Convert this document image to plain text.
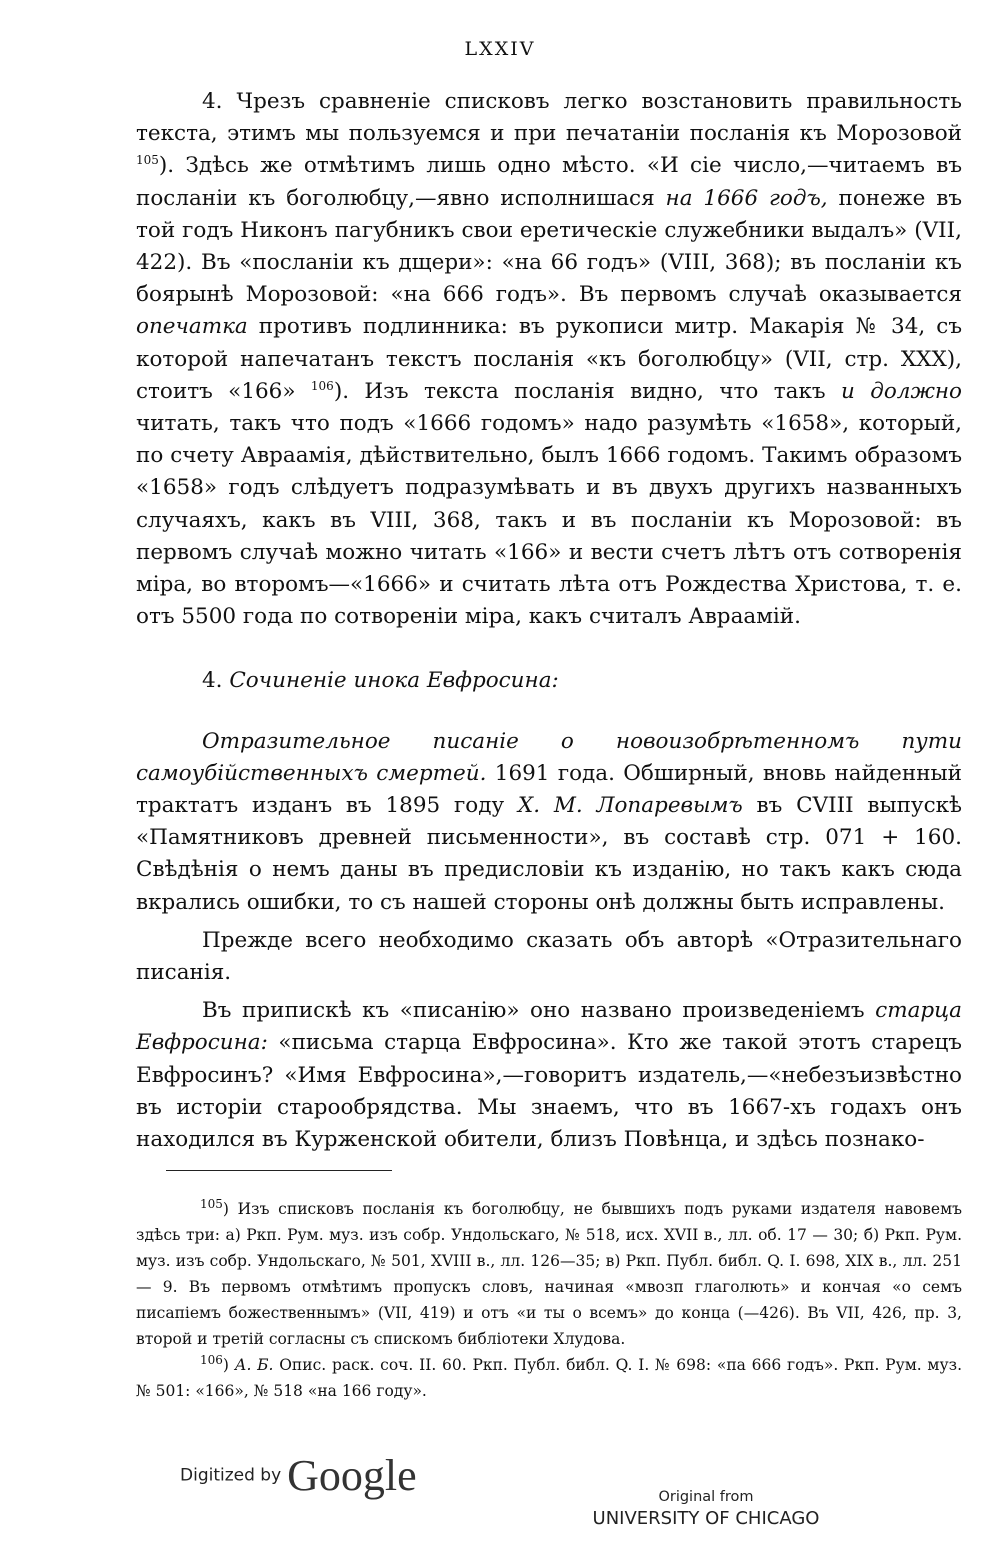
LXXIV

4. Чрезъ сравненіе списковъ легко возстановить правильность текста, этимъ мы пользуемся и при печатаніи посланія къ Морозовой $^{105}$). Здѣсь же отмѣтимъ лишь одно мѣсто. «И сіе число,—читаемъ въ посланіи къ боголюбцу,—явно исполнишася на 1666 годъ, понеже въ той годъ Никонъ пагубникъ свои еретическіе служебники выдалъ» (VII, 422). Въ «посланіи къ дщери»: «на 66 годъ» (VIII, 368); въ посланіи къ боярынѣ Морозовой: «на 666 годъ». Въ первомъ случаѣ оказывается опечатка противъ подлинника: въ рукописи митр. Макарія № 34, съ которой напечатанъ текстъ посланія «къ боголюбцу» (VII, стр. XXX), стоитъ «166» $^{106}$). Изъ текста посланія видно, что такъ и должно читать, такъ что подъ «1666 годомъ» надо разумѣть «1658», который, по счету Авраамія, дѣйствительно, былъ 1666 годомъ. Такимъ образомъ «1658» годъ слѣдуетъ подразумѣвать и въ двухъ другихъ названныхъ случаяхъ, какъ въ VIII, 368, такъ и въ посланіи къ Морозовой: въ первомъ случаѣ можно читать «166» и вести счетъ лѣтъ отъ сотворенія міра, во второмъ—«1666» и считать лѣта отъ Рождества Христова, т. е. отъ 5500 года по сотвореніи міра, какъ считалъ Авраамій.

4. Сочиненіе инока Евфросина:

Отразительное писаніе о новоизобрѣтенномъ пути самоубійственныхъ смертей. 1691 года. Обширный, вновь найденный трактатъ изданъ въ 1895 году Х. М. Лопаревымъ въ CVIII выпускѣ «Памятниковъ древней письменности», въ составѣ стр. 071 + 160. Свѣдѣнія о немъ даны въ предисловіи къ изданію, но такъ какъ сюда вкрались ошибки, то съ нашей стороны онѣ должны быть исправлены.

Прежде всего необходимо сказать объ авторѣ «Отразительнаго писанія.

Въ припискѣ къ «писанію» оно названо произведеніемъ старца Евфросина: «письма старца Евфросина». Кто же такой этотъ старецъ Евфросинъ? «Имя Евфросина»,—говоритъ издатель,—«небезъизвѣстно въ исторіи старообрядства. Мы знаемъ, что въ 1667-хъ годахъ онъ находился въ Курженской обители, близъ Повѣнца, и здѣсь познако-

$^{105}$) Изъ списковъ посланія къ боголюбцу, не бывшихъ подъ руками издателя навовемъ здѣсь три: а) Ркп. Рум. муз. изъ собр. Ундольскаго, № 518, исх. XVII в., лл. об. 17 — 30; б) Ркп. Рум. муз. изъ собр. Ундольскаго, № 501, XVIII в., лл. 126—35; в) Ркп. Публ. библ. Q. I. 698, XIX в., лл. 251 — 9. Въ первомъ отмѣтимъ пропускъ словъ, начиная «мвозп глаголють» и кончая «о семъ писапіемъ божественнымъ» (VII, 419) и отъ «и ты о всемъ» до конца (—426). Въ VII, 426, пр. 3, второй и третій согласны съ спискомъ библіотеки Хлудова.

$^{106}$) А. Б. Опис. раск. соч. II. 60. Ркп. Публ. библ. Q. I. № 698: «па 666 годъ». Ркп. Рум. муз. № 501: «166», № 518 «на 166 году».

Digitized by Google	Original from
UNIVERSITY OF CHICAGO
